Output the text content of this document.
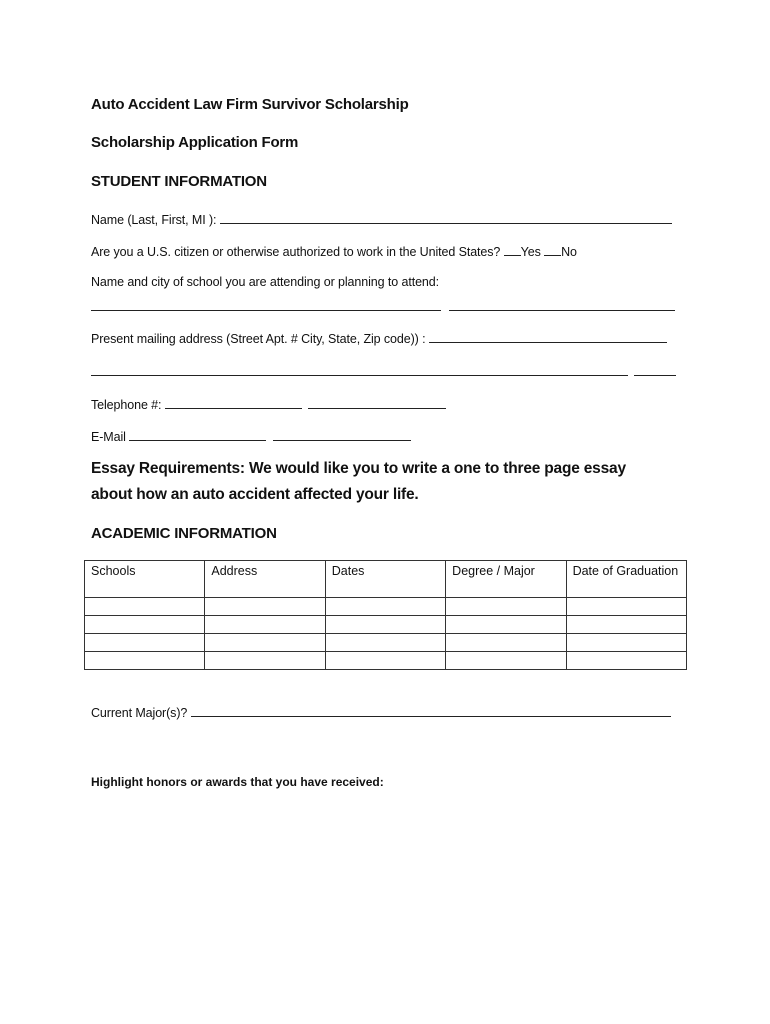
Auto Accident Law Firm Survivor Scholarship
Scholarship Application Form
STUDENT INFORMATION
Name (Last, First, MI ):
Are you a U.S. citizen or otherwise authorized to work in the United States? Yes No
Name and city of school you are attending or planning to attend:

Present mailing address (Street Apt. # City, State, Zip code)) :

Telephone #:
E-Mail
Essay Requirements: We would like you to write a one to three page essay about how an auto accident affected your life.
ACADEMIC INFORMATION
Schools	Address	Dates	Degree / Major	Date of Graduation

Current Major(s)?
Highlight honors or awards that you have received:
